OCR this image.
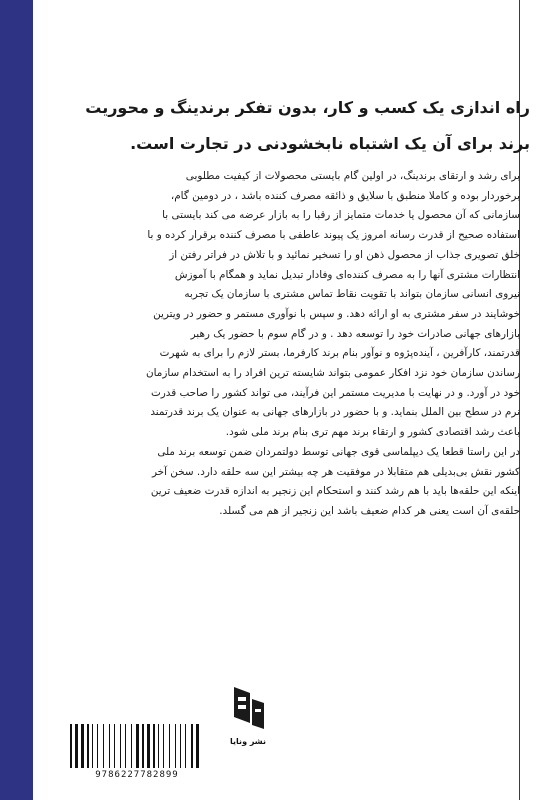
راه اندازی یک کسب و کار، بدون تفکر برندینگ و محوریت
برند برای آن یک اشتباه نابخشودنی در تجارت است.
برای رشد و ارتقای برندینگ، در اولین گام بایستی محصولات از کیفیت مطلوبی
برخوردار بوده و کاملا منطبق با سلایق و ذائقه مصرف کننده باشد ، در دومین گام،
سازمانی که آن محصول یا خدمات متمایز از رقبا را به بازار عرضه می کند بایستی با
استفاده صحیح از قدرت رسانه امروز یک پیوند عاطفی با مصرف کننده برقرار کرده و با
خلق تصویری جذاب از محصول ذهن او را تسخیر نمائید و با تلاش در فراتر رفتن از
انتظارات مشتری آنها را به مصرف کننده‌ای وفادار تبدیل نماید و همگام با آموزش
نیروی انسانی سازمان بتواند با تقویت نقاط تماس مشتری با سازمان یک تجربه
خوشایند در سفر مشتری به او ارائه دهد. و سپس با نوآوری مستمر و حضور در ویترین
بازارهای جهانی صادرات خود را توسعه دهد . و در گام سوم با حضور یک رهبر
قدرتمند، کارآفرین ، آینده‌پژوه و نوآور بنام برند کارفرما، بستر لازم را برای به شهرت
رساندن سازمان خود نزد افکار عمومی بتواند شایسته ترین افراد را به استخدام سازمان
خود در آورد. و در نهایت با مدیریت مستمر این فرآیند، می تواند کشور را صاحب قدرت
نرم در سطح بین الملل بنماید. و با حضور در بازارهای جهانی به عنوان یک برند قدرتمند
باعث رشد اقتصادی کشور و ارتقاء برند مهم تری بنام برند ملی شود.
در این راستا قطعا یک دیپلماسی قوی جهانی توسط دولتمردان ضمن توسعه برند ملی
کشور نقش بی‌بدیلی هم متقابلا در موفقیت هر چه بیشتر این سه حلقه دارد. سخن آخر
اینکه این حلقه‌ها باید با هم رشد کنند و استحکام این زنجیر به اندازه قدرت ضعیف ترین
حلقه‌ی آن است یعنی هر کدام ضعیف باشد این زنجیر از هم می گسلد.
نشر ونایا
9786227782899
